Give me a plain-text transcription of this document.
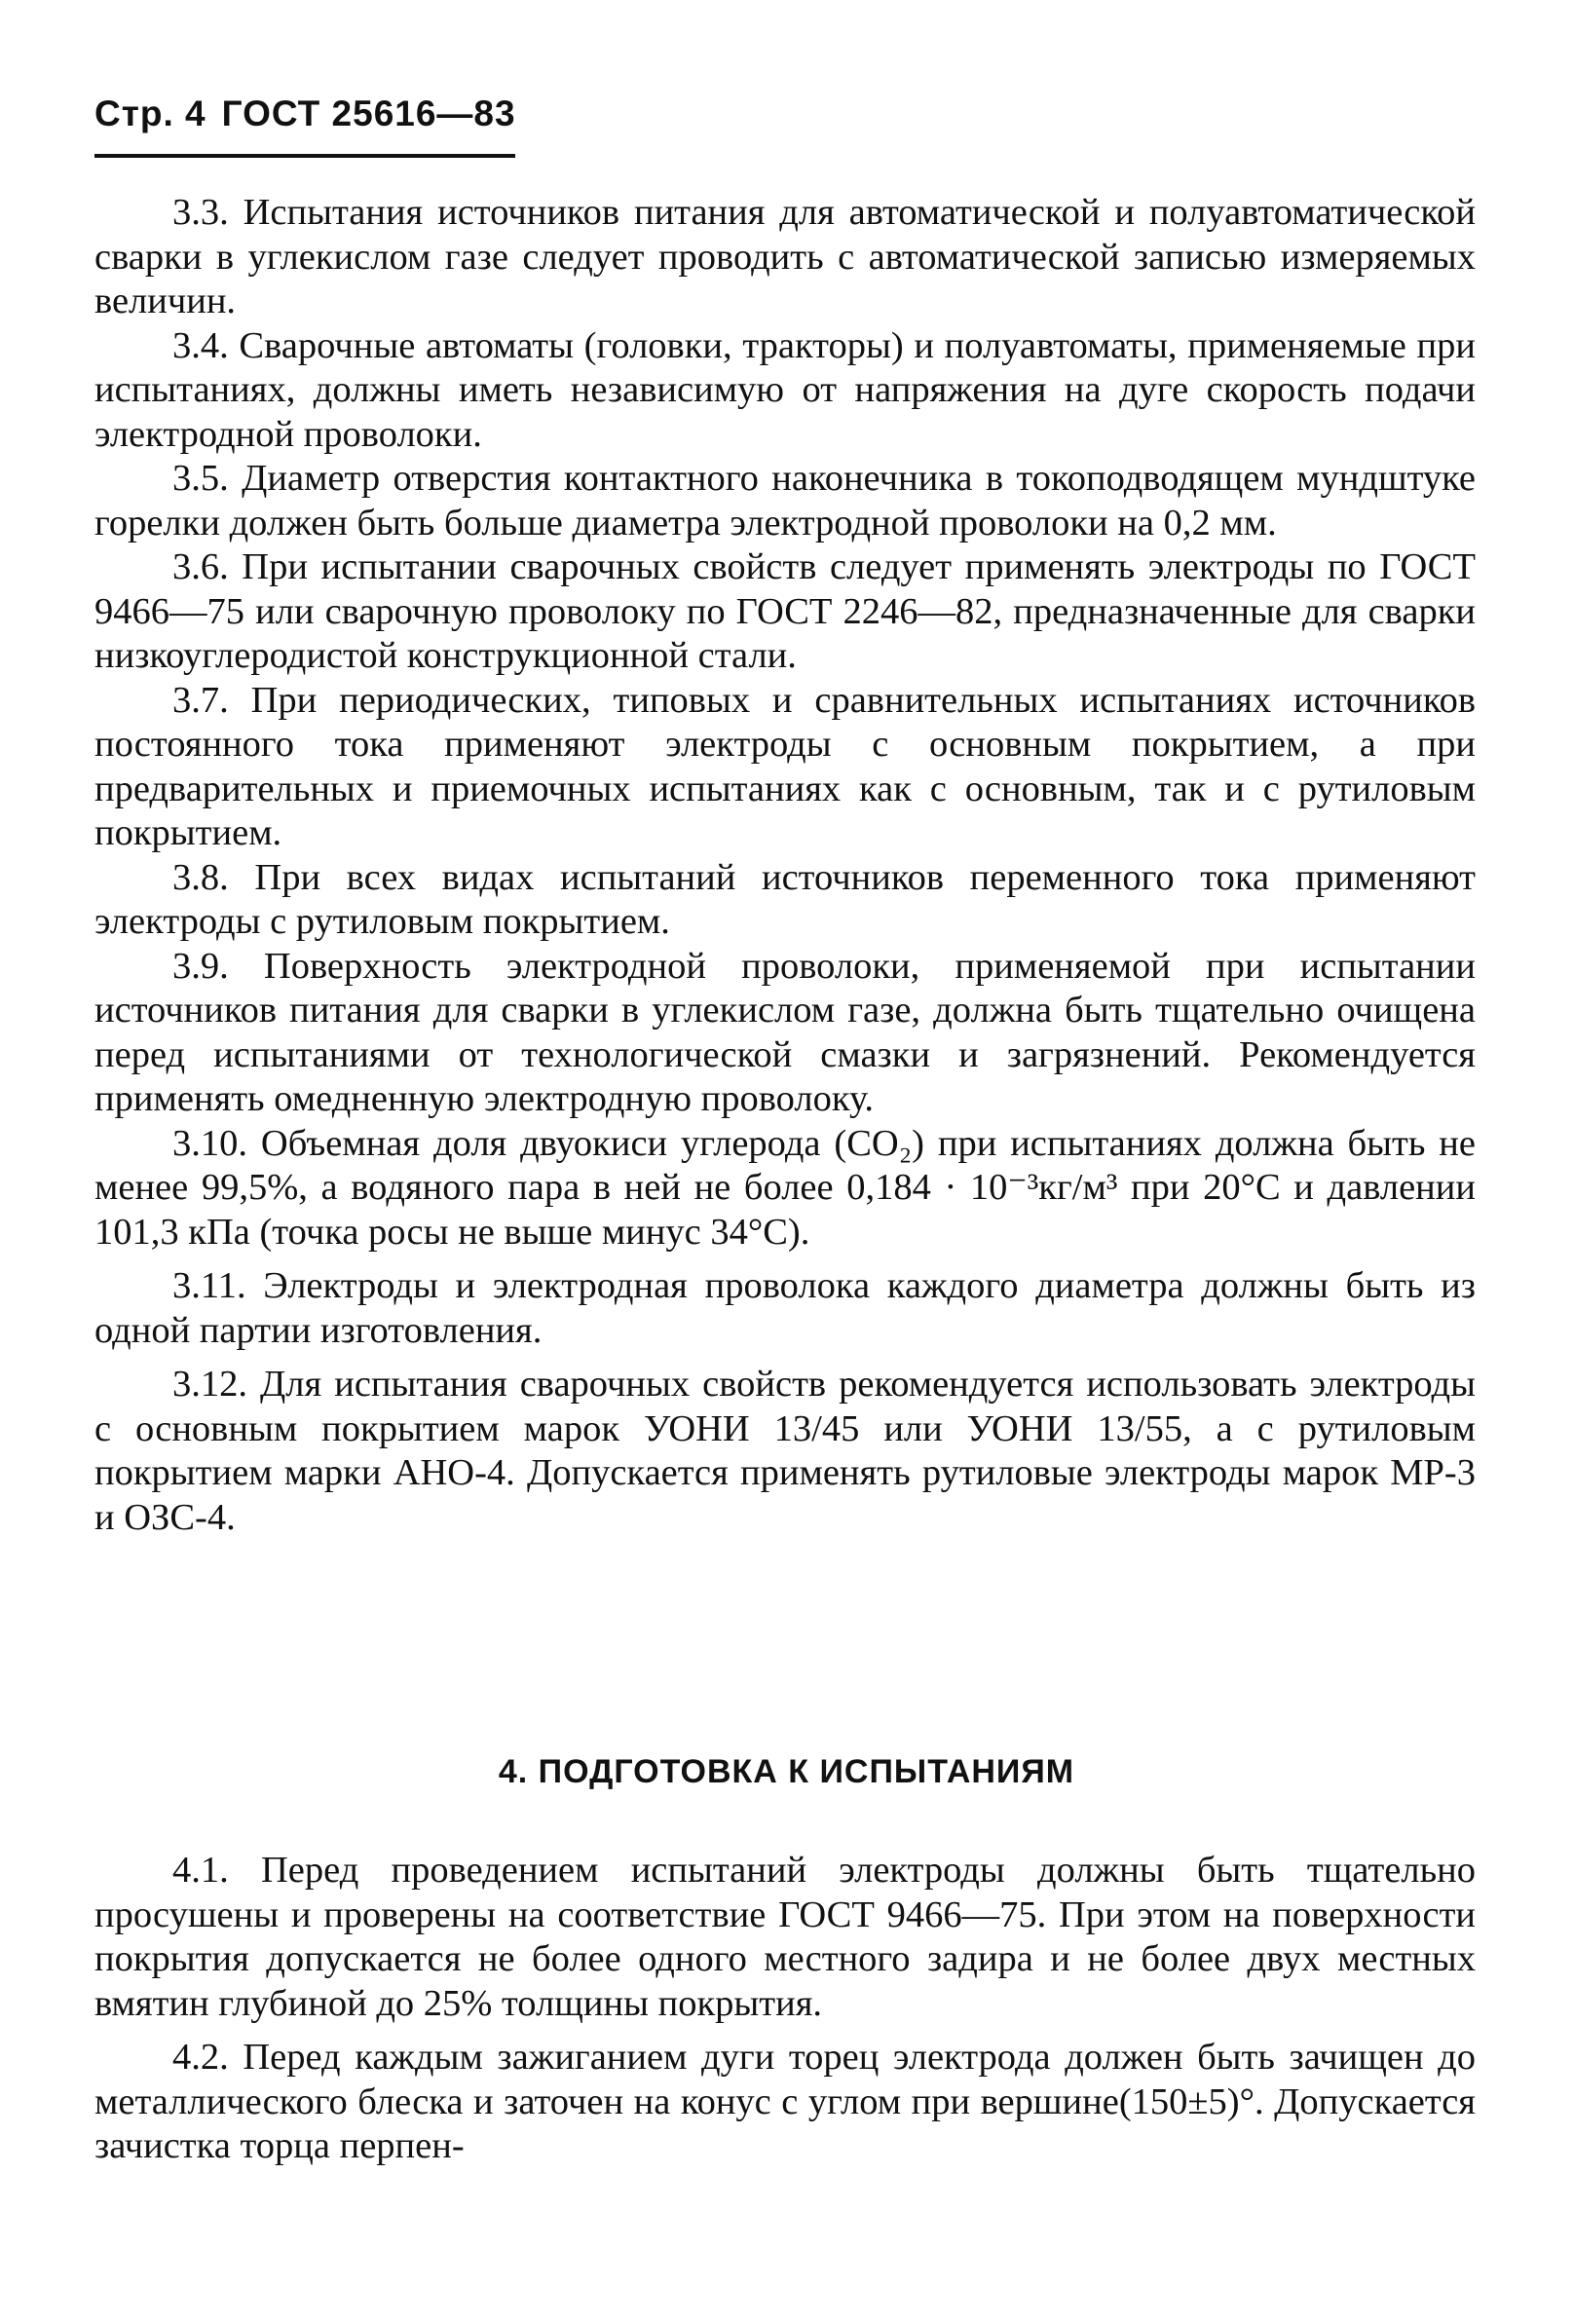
Стр. 4 ГОСТ 25616—83

3.3. Испытания источников питания для автоматической и полуавтоматической сварки в углекислом газе следует проводить с автоматической записью измеряемых величин.

3.4. Сварочные автоматы (головки, тракторы) и полуавтоматы, применяемые при испытаниях, должны иметь независимую от напряжения на дуге скорость подачи электродной проволоки.

3.5. Диаметр отверстия контактного наконечника в токоподводящем мундштуке горелки должен быть больше диаметра электродной проволоки на 0,2 мм.

3.6. При испытании сварочных свойств следует применять электроды по ГОСТ 9466—75 или сварочную проволоку по ГОСТ 2246—82, предназначенные для сварки низкоуглеродистой конструкционной стали.

3.7. При периодических, типовых и сравнительных испытаниях источников постоянного тока применяют электроды с основным покрытием, а при предварительных и приемочных испытаниях как с основным, так и с рутиловым покрытием.

3.8. При всех видах испытаний источников переменного тока применяют электроды с рутиловым покрытием.

3.9. Поверхность электродной проволоки, применяемой при испытании источников питания для сварки в углекислом газе, должна быть тщательно очищена перед испытаниями от технологической смазки и загрязнений. Рекомендуется применять омедненную электродную проволоку.

3.10. Объемная доля двуокиси углерода (CO₂) при испытаниях должна быть не менее 99,5%, а водяного пара в ней не более 0,184 · 10⁻³кг/м³ при 20°С и давлении 101,3 кПа (точка росы не выше минус 34°С).

3.11. Электроды и электродная проволока каждого диаметра должны быть из одной партии изготовления.

3.12. Для испытания сварочных свойств рекомендуется использовать электроды с основным покрытием марок УОНИ 13/45 или УОНИ 13/55, а с рутиловым покрытием марки АНО-4. Допускается применять рутиловые электроды марок МР-3 и ОЗС-4.

4. ПОДГОТОВКА К ИСПЫТАНИЯМ

4.1. Перед проведением испытаний электроды должны быть тщательно просушены и проверены на соответствие ГОСТ 9466—75. При этом на поверхности покрытия допускается не более одного местного задира и не более двух местных вмятин глубиной до 25% толщины покрытия.

4.2. Перед каждым зажиганием дуги торец электрода должен быть зачищен до металлического блеска и заточен на конус с углом при вершине(150±5)°. Допускается зачистка торца перпен-
